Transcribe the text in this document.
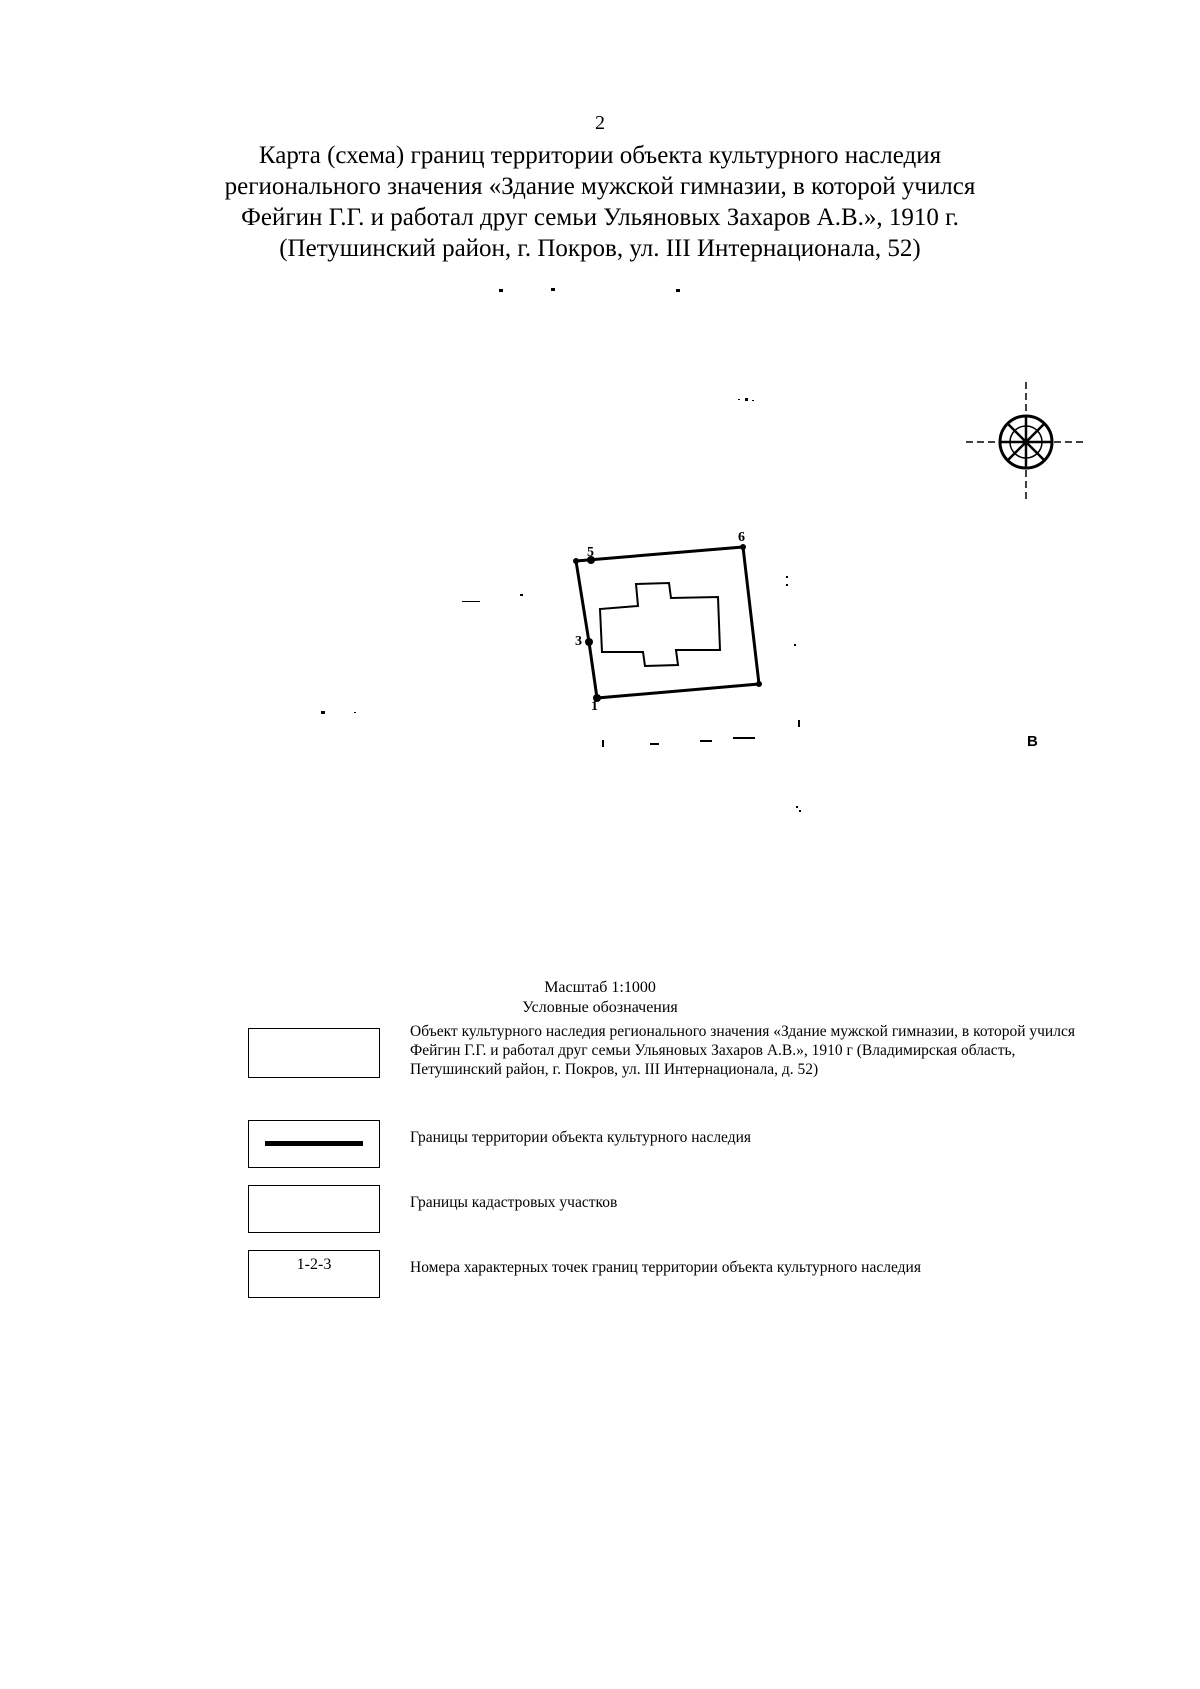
2
Карта (схема) границ территории объекта культурного наследия
регионального значения «Здание мужской гимназии, в которой учился
Фейгин Г.Г. и работал друг семьи Ульяновых Захаров А.В.», 1910 г.
(Петушинский район, г. Покров, ул. III Интернационала, 52)
B
5
6
3
1
Масштаб 1:1000
Условные обозначения
Объект культурного наследия регионального значения «Здание мужской гимназии, в которой учился Фейгин Г.Г. и работал друг семьи Ульяновых Захаров А.В.», 1910 г (Владимирская область, Петушинский район, г. Покров, ул. III Интернационала, д. 52)
Границы территории объекта культурного наследия
Границы кадастровых участков
1-2-3	Номера характерных точек границ территории объекта культурного наследия
